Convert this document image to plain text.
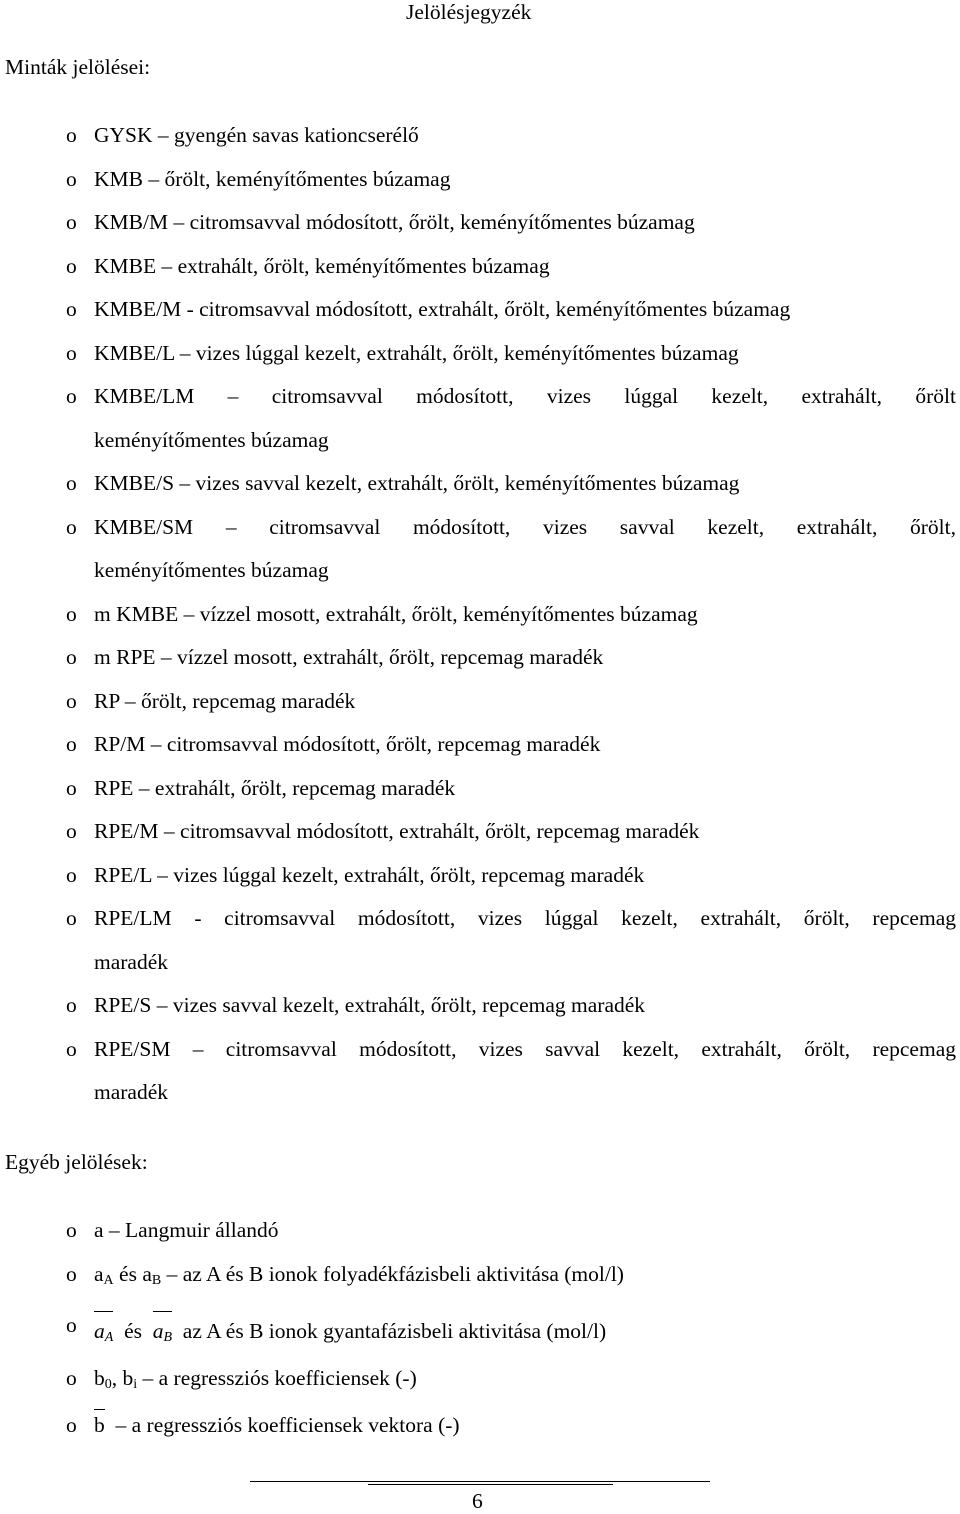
Jelölésjegyzék
Minták jelölései:
o GYSK – gyengén savas kationcserélő
o KMB – őrölt, keményítőmentes búzamag
o KMB/M – citromsavval módosított, őrölt, keményítőmentes búzamag
o KMBE – extrahált, őrölt, keményítőmentes búzamag
o KMBE/M - citromsavval módosított, extrahált, őrölt, keményítőmentes búzamag
o KMBE/L – vizes lúggal kezelt, extrahált, őrölt, keményítőmentes búzamag
o KMBE/LM – citromsavval módosított, vizes lúggal kezelt, extrahált, őrölt
keményítőmentes búzamag
o KMBE/S – vizes savval kezelt, extrahált, őrölt, keményítőmentes búzamag
o KMBE/SM – citromsavval módosított, vizes savval kezelt, extrahált, őrölt,
keményítőmentes búzamag
o m KMBE – vízzel mosott, extrahált, őrölt, keményítőmentes búzamag
o m RPE – vízzel mosott, extrahált, őrölt, repcemag maradék
o RP – őrölt, repcemag maradék
o RP/M – citromsavval módosított, őrölt, repcemag maradék
o RPE – extrahált, őrölt, repcemag maradék
o RPE/M – citromsavval módosított, extrahált, őrölt, repcemag maradék
o RPE/L – vizes lúggal kezelt, extrahált, őrölt, repcemag maradék
o RPE/LM - citromsavval módosított, vizes lúggal kezelt, extrahált, őrölt, repcemag
maradék
o RPE/S – vizes savval kezelt, extrahált, őrölt, repcemag maradék
o RPE/SM – citromsavval módosított, vizes savval kezelt, extrahált, őrölt, repcemag
maradék
Egyéb jelölések:
o a – Langmuir állandó
o $a_A$ és $a_B$ – az A és B ionok folyadékfázisbeli aktivitása (mol/l)
o $a_A$ és $a_B$ az A és B ionok gyantafázisbeli aktivitása (mol/l)
o $b_0$, $b_i$ – a regressziós koefficiensek (-)
o b – a regressziós koefficiensek vektora (-)
6
